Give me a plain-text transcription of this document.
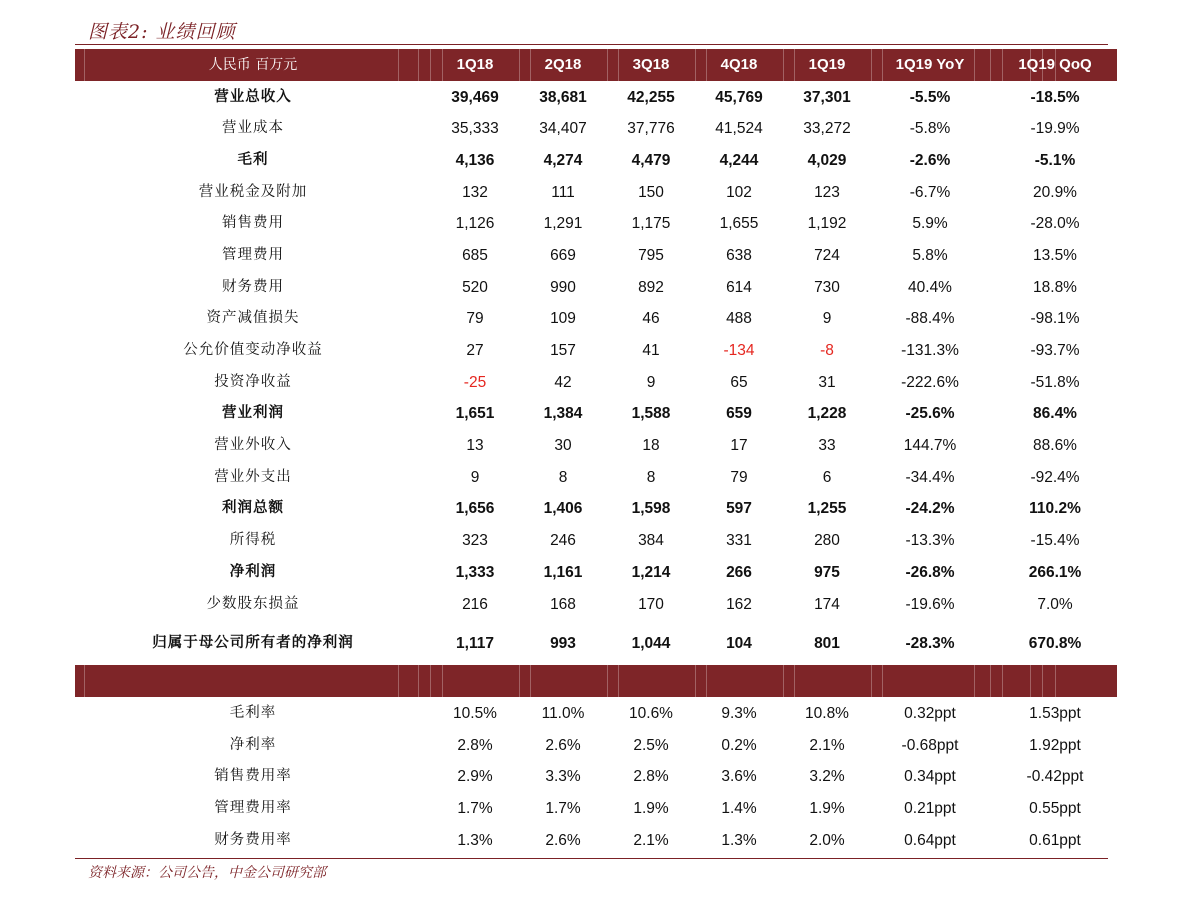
图表2: 业绩回顾
人民币 百万元	1Q18	2Q18	3Q18	4Q18	1Q19	1Q19 YoY	1Q19 QoQ
营业总收入	39,469	38,681	42,255	45,769	37,301	-5.5%	-18.5%
营业成本	35,333	34,407	37,776	41,524	33,272	-5.8%	-19.9%
毛利	4,136	4,274	4,479	4,244	4,029	-2.6%	-5.1%
营业税金及附加	132	111	150	102	123	-6.7%	20.9%
销售费用	1,126	1,291	1,175	1,655	1,192	5.9%	-28.0%
管理费用	685	669	795	638	724	5.8%	13.5%
财务费用	520	990	892	614	730	40.4%	18.8%
资产减值损失	79	109	46	488	9	-88.4%	-98.1%
公允价值变动净收益	27	157	41	-134	-8	-131.3%	-93.7%
投资净收益	-25	42	9	65	31	-222.6%	-51.8%
营业利润	1,651	1,384	1,588	659	1,228	-25.6%	86.4%
营业外收入	13	30	18	17	33	144.7%	88.6%
营业外支出	9	8	8	79	6	-34.4%	-92.4%
利润总额	1,656	1,406	1,598	597	1,255	-24.2%	110.2%
所得税	323	246	384	331	280	-13.3%	-15.4%
净利润	1,333	1,161	1,214	266	975	-26.8%	266.1%
少数股东损益	216	168	170	162	174	-19.6%	7.0%
归属于母公司所有者的净利润	1,117	993	1,044	104	801	-28.3%	670.8%
毛利率	10.5%	11.0%	10.6%	9.3%	10.8%	0.32ppt	1.53ppt
净利率	2.8%	2.6%	2.5%	0.2%	2.1%	-0.68ppt	1.92ppt
销售费用率	2.9%	3.3%	2.8%	3.6%	3.2%	0.34ppt	-0.42ppt
管理费用率	1.7%	1.7%	1.9%	1.4%	1.9%	0.21ppt	0.55ppt
财务费用率	1.3%	2.6%	2.1%	1.3%	2.0%	0.64ppt	0.61ppt
资料来源：公司公告，中金公司研究部
